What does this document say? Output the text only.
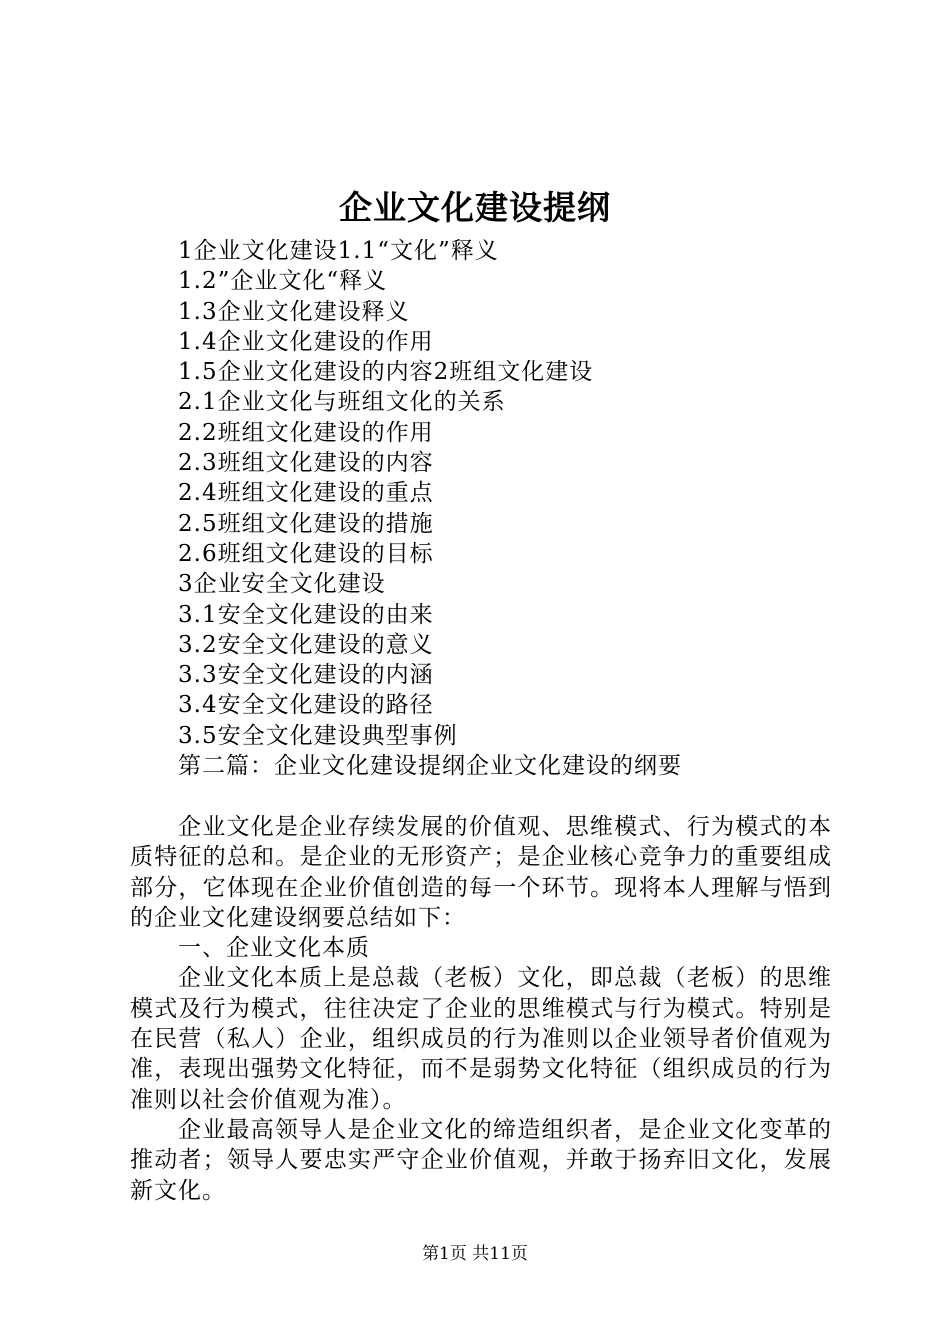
企业文化建设提纲
1企业文化建设1.1“文化”释义
1.2”企业文化“释义
1.3企业文化建设释义
1.4企业文化建设的作用
1.5企业文化建设的内容2班组文化建设
2.1企业文化与班组文化的关系
2.2班组文化建设的作用
2.3班组文化建设的内容
2.4班组文化建设的重点
2.5班组文化建设的措施
2.6班组文化建设的目标
3企业安全文化建设
3.1安全文化建设的由来
3.2安全文化建设的意义
3.3安全文化建设的内涵
3.4安全文化建设的路径
3.5安全文化建设典型事例
第二篇：企业文化建设提纲企业文化建设的纲要

企业文化是企业存续发展的价值观、思维模式、行为模式的本质特征的总和。是企业的无形资产；是企业核心竞争力的重要组成部分，它体现在企业价值创造的每一个环节。现将本人理解与悟到的企业文化建设纲要总结如下：

一、企业文化本质

企业文化本质上是总裁（老板）文化，即总裁（老板）的思维模式及行为模式，往往决定了企业的思维模式与行为模式。特别是在民营（私人）企业，组织成员的行为准则以企业领导者价值观为准，表现出强势文化特征，而不是弱势文化特征（组织成员的行为准则以社会价值观为准）。

企业最高领导人是企业文化的缔造组织者，是企业文化变革的推动者；领导人要忠实严守企业价值观，并敢于扬弃旧文化，发展新文化。

第1页 共11页
